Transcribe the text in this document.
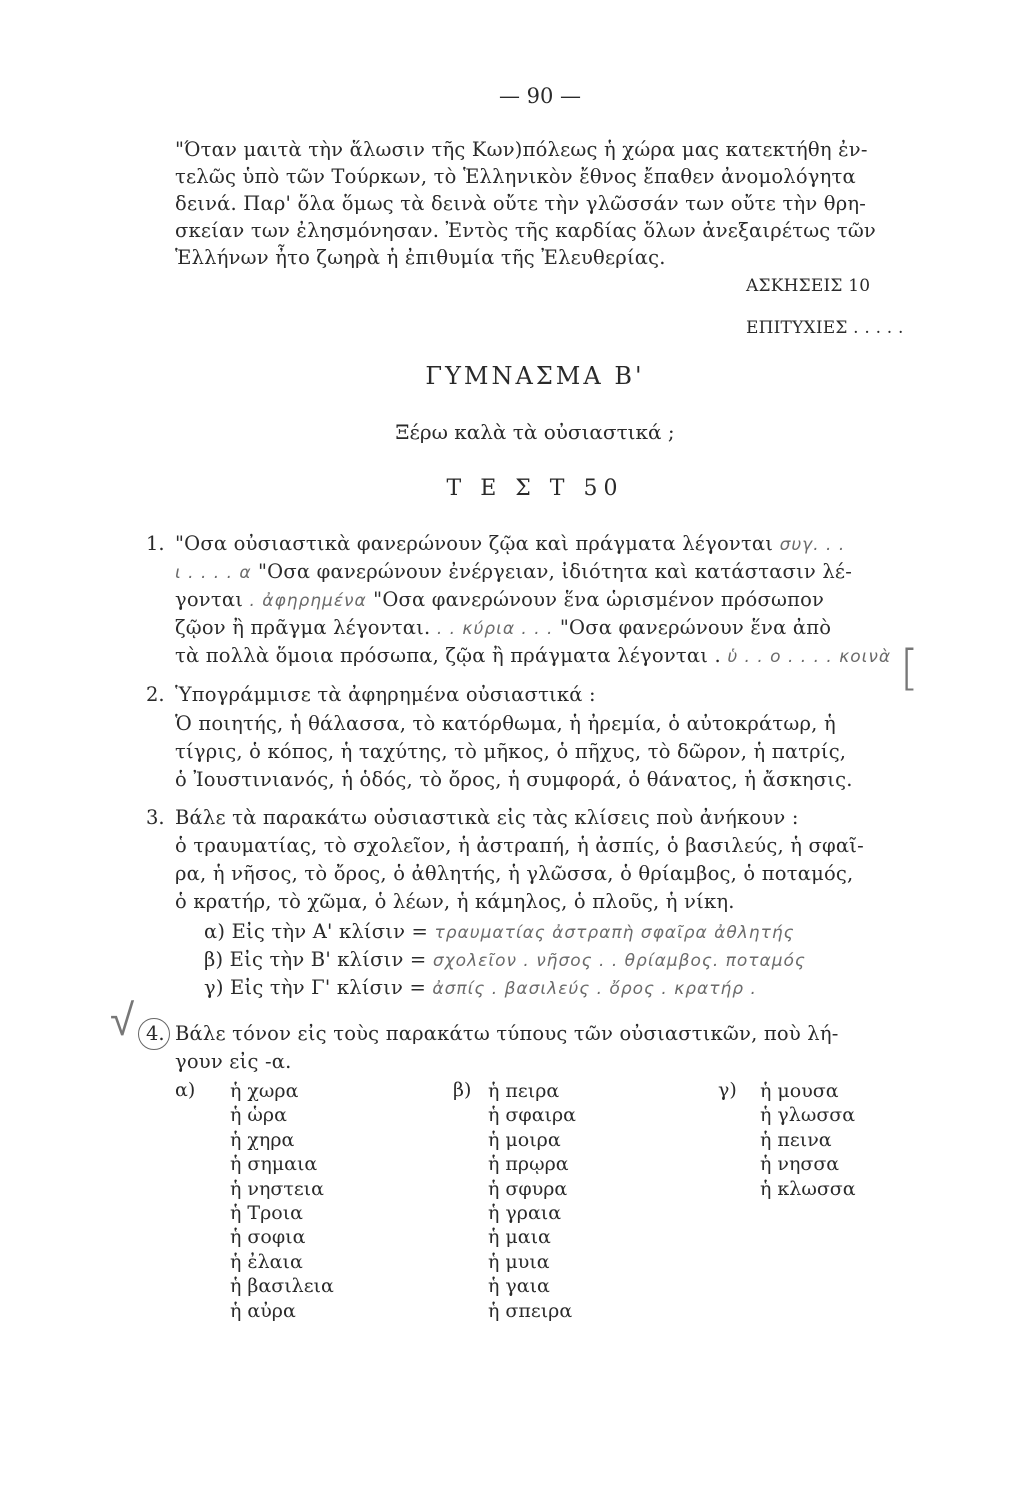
— 90 —
"Όταν μαιτὰ τὴν ἅλωσιν τῆς Κων)πόλεως ἡ χώρα μας κατεκτήθη ἐν-
τελῶς ὑπὸ τῶν Τούρκων, τὸ Ἑλληνικὸν ἔθνος ἔπαθεν ἀνομολόγητα
δεινά. Παρ' ὅλα ὅμως τὰ δεινὰ οὔτε τὴν γλῶσσάν των οὔτε τὴν θρη-
σκείαν των ἐλησμόνησαν. Ἐντὸς τῆς καρδίας ὅλων ἀνεξαιρέτως τῶν
Ἑλλήνων ἦτο ζωηρὰ ἡ ἐπιθυμία τῆς Ἐλευθερίας.
ΑΣΚΗΣΕΙΣ 10
ΕΠΙΤΥΧΙΕΣ . . . . .
ΓΥΜΝΑΣΜΑ Β'
Ξέρω καλὰ τὰ οὐσιαστικά ;
Τ Ε Σ Τ 50
1. "Οσα οὐσιαστικὰ φανερώνουν ζῷα καὶ πράγματα λέγονται συγ. . .
ι . . . . α "Οσα φανερώνουν ἐνέργειαν, ἰδιότητα καὶ κατάστασιν λέ-
γονται . ἀφηρημένα "Οσα φανερώνουν ἕνα ὡρισμένον πρόσωπον
ζῷον ἢ πρᾶγμα λέγονται. . . κύρια . . . "Οσα φανερώνουν ἕνα ἀπὸ
τὰ πολλὰ ὅμοια πρόσωπα, ζῷα ἢ πράγματα λέγονται . ὑ . . ο . . . . κοινὰ
2. Ὑπογράμμισε τὰ ἀφηρημένα οὐσιαστικά :
Ὁ ποιητής, ἡ θάλασσα, τὸ κατόρθωμα, ἡ ἠρεμία, ὁ αὐτοκράτωρ, ἡ
τίγρις, ὁ κόπος, ἡ ταχύτης, τὸ μῆκος, ὁ πῆχυς, τὸ δῶρον, ἡ πατρίς,
ὁ Ἰουστινιανός, ἡ ὁδός, τὸ ὄρος, ἡ συμφορά, ὁ θάνατος, ἡ ἄσκησις.
3. Βάλε τὰ παρακάτω οὐσιαστικὰ εἰς τὰς κλίσεις ποὺ ἀνήκουν :
ὁ τραυματίας, τὸ σχολεῖον, ἡ ἀστραπή, ἡ ἀσπίς, ὁ βασιλεύς, ἡ σφαῖ-
ρα, ἡ νῆσος, τὸ ὄρος, ὁ ἀθλητής, ἡ γλῶσσα, ὁ θρίαμβος, ὁ ποταμός,
ὁ κρατήρ, τὸ χῶμα, ὁ λέων, ἡ κάμηλος, ὁ πλοῦς, ἡ νίκη.
α) Εἰς τὴν Α' κλίσιν = τραυματίας ἀστραπὴ σφαῖρα ἀθλητής
β) Εἰς τὴν Β' κλίσιν = σχολεῖον . νῆσος . . θρίαμβος. ποταμός
γ) Εἰς τὴν Γ' κλίσιν = ἀσπίς . βασιλεύς . ὄρος . κρατήρ .
√
[
4. Βάλε τόνον εἰς τοὺς παρακάτω τύπους τῶν οὐσιαστικῶν, ποὺ λή-
γουν εἰς -α.
α) ἡ χωρα
ἡ ὡρα
ἡ χηρα
ἡ σημαια
ἡ νηστεια
ἡ Τροια
ἡ σοφια
ἡ ἐλαια
ἡ βασιλεια
ἡ αὐρα
β) ἡ πειρα
ἡ σφαιρα
ἡ μοιρα
ἡ πρῳρα
ἡ σφυρα
ἡ γραια
ἡ μαια
ἡ μυια
ἡ γαια
ἡ σπειρα
γ) ἡ μουσα
ἡ γλωσσα
ἡ πεινα
ἡ νησσα
ἡ κλωσσα
